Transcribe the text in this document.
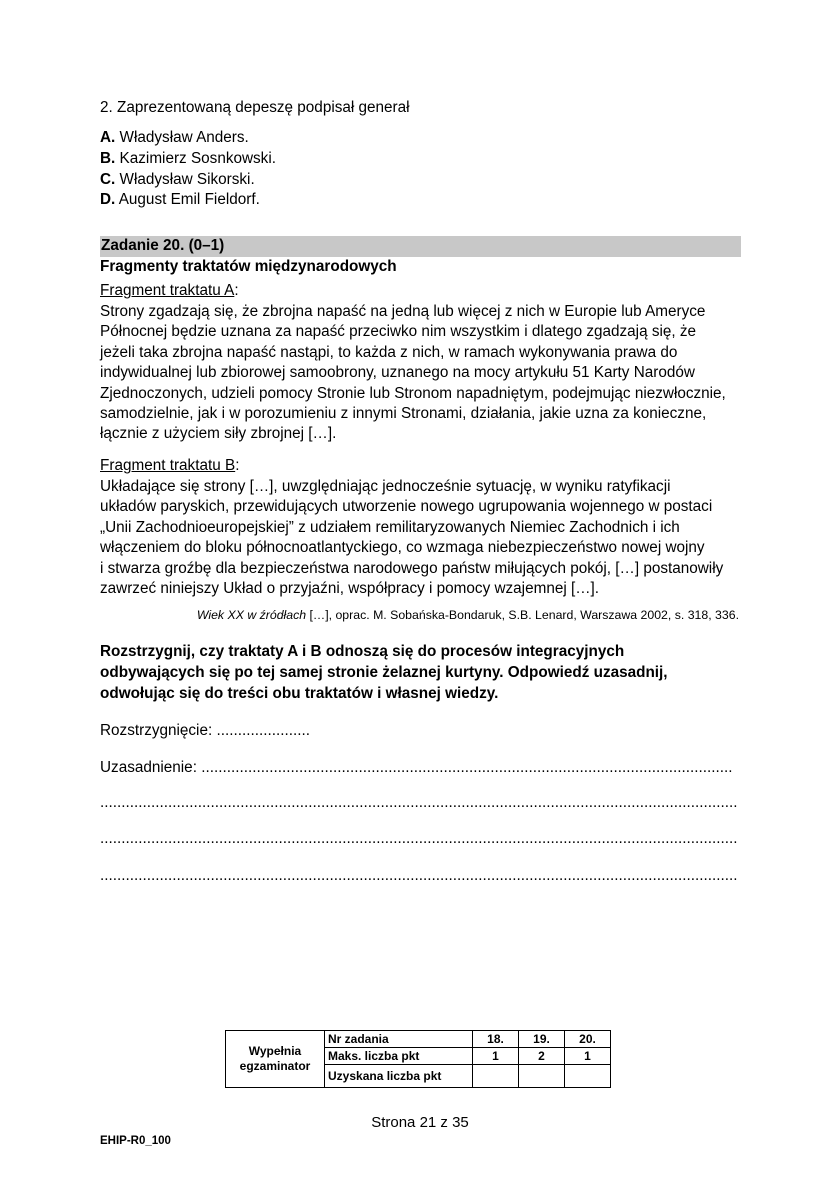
2. Zaprezentowaną depeszę podpisał generał
A. Władysław Anders.
B. Kazimierz Sosnkowski.
C. Władysław Sikorski.
D. August Emil Fieldorf.
Zadanie 20. (0–1)
Fragmenty traktatów międzynarodowych
Fragment traktatu A:
Strony zgadzają się, że zbrojna napaść na jedną lub więcej z nich w Europie lub Ameryce
Północnej będzie uznana za napaść przeciwko nim wszystkim i dlatego zgadzają się, że
jeżeli taka zbrojna napaść nastąpi, to każda z nich, w ramach wykonywania prawa do
indywidualnej lub zbiorowej samoobrony, uznanego na mocy artykułu 51 Karty Narodów
Zjednoczonych, udzieli pomocy Stronie lub Stronom napadniętym, podejmując niezwłocznie,
samodzielnie, jak i w porozumieniu z innymi Stronami, działania, jakie uzna za konieczne,
łącznie z użyciem siły zbrojnej […].
Fragment traktatu B:
Układające się strony […], uwzględniając jednocześnie sytuację, w wyniku ratyfikacji
układów paryskich, przewidujących utworzenie nowego ugrupowania wojennego w postaci
„Unii Zachodnioeuropejskiej” z udziałem remilitaryzowanych Niemiec Zachodnich i ich
włączeniem do bloku północnoatlantyckiego, co wzmaga niebezpieczeństwo nowej wojny
i stwarza groźbę dla bezpieczeństwa narodowego państw miłujących pokój, […] postanowiły
zawrzeć niniejszy Układ o przyjaźni, współpracy i pomocy wzajemnej […].
Wiek XX w źródłach […], oprac. M. Sobańska-Bondaruk, S.B. Lenard, Warszawa 2002, s. 318, 336.
Rozstrzygnij, czy traktaty A i B odnoszą się do procesów integracyjnych
odbywających się po tej samej stronie żelaznej kurtyny. Odpowiedź uzasadnij,
odwołując się do treści obu traktatów i własnej wiedzy.
Rozstrzygnięcie: ......................
Uzasadnienie: .............................................................................................................................
......................................................................................................................................................
......................................................................................................................................................
......................................................................................................................................................
Wypełnia
egzaminator	Nr zadania	18.	19.	20.
	Maks. liczba pkt	1	2	1
	Uzyskana liczba pkt			
Strona 21 z 35
EHIP-R0_100
